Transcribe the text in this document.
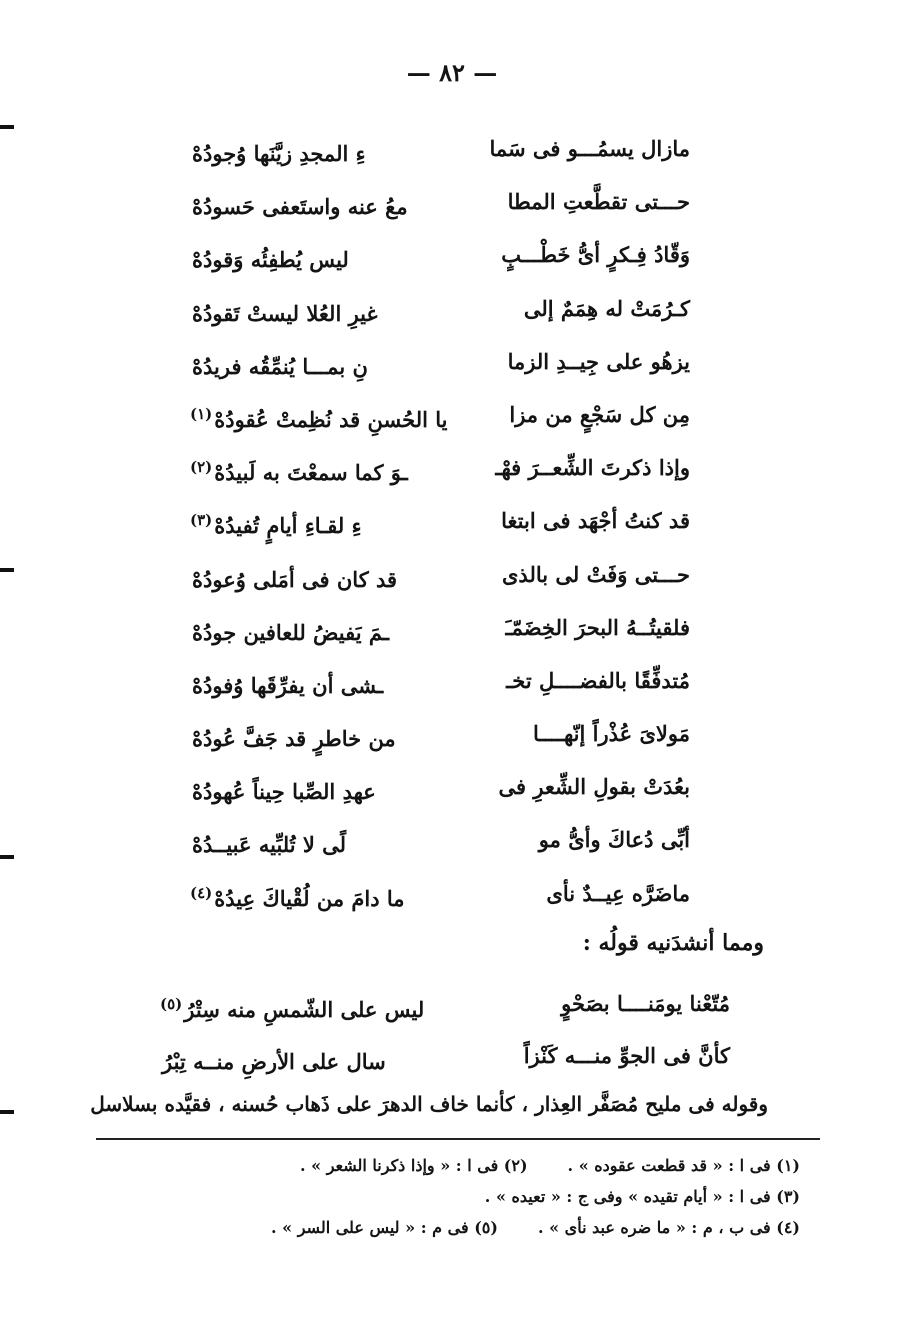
— ٨٢ —
مازال يسمُـــو فى سَما
ءِ المجدِ زيَّنَها وُجودُهْ
حـــتى تقطَّعتِ المطا
معُ عنه واستَعفى حَسودُهْ
وَقّادُ فِـكرٍ أىُّ خَطْـــبٍ
ليس يُطفِئُه وَقودُهْ
كـرُمَتْ له هِمَمٌ إلى
غيرِ العُلا ليستْ تَقودُهْ
يزهُو على جِيــدِ الزما
نِ بمـــا يُنمِّقُه فريدُهْ
مِن كل سَجْعٍ من مزا
يا الحُسنِ قد نُظِمتْ عُقودُهْ$^{(١)}$
وإذا ذكرتَ الشِّعــرَ فهْـ
ـوَ كما سمعْتَ به لَبيدُهْ$^{(٢)}$
قد كنتُ أجْهَد فى ابتغا
ءِ لقـاءِ أيامٍ تُفيدُهْ$^{(٣)}$
حـــتى وَفَتْ لى بالذى
قد كان فى أمَلى وُعودُهْ
فلقيتُــهُ البحرَ الخِضَمّـَ
ـمَ يَفيضُ للعافين جودُهْ
مُتدفِّقًا بالفضــــلِ تخـ
ـشى أن يفرِّقَها وُفودُهْ
مَولاىَ عُذْراً إنّهــــا
من خاطرٍ قد جَفَّ عُودُهْ
بعُدَتْ بقولِ الشِّعرِ فى
عهدِ الصِّبا حِيناً عُهودُهْ
أبِّى دُعاكَ وأىُّ مو
لًى لا تُلبِّيه عَبيــدُهْ
ماضَرَّه عِيــدٌ نأى
ما دامَ من لُقْياكَ عِيدُهْ$^{(٤)}$
ومما أنشدَنيه قولُه :
مُتّعْنا يومَنــــا بصَحْوٍ
ليس على الشّمسِ منه سِتْرُ$^{(٥)}$
كأنَّ فى الجوِّ منـــه كَنْزاً
سال على الأرضِ منــه تِبْرُ
وقوله فى مليح مُصَفَّر العِذار ، كأنما خاف الدهرَ على ذَهاب حُسنه ، فقيَّده بسلاسل
(١) فى ا : « قد قطعت عقوده » .(٢) فى ا : « وإذا ذكرنا الشعر » .
(٣) فى ا : « أيام تقيده » وفى ج : « تعيده » .
(٤) فى ب ، م : « ما ضره عبد نأى » .(٥) فى م : « ليس على السر » .
